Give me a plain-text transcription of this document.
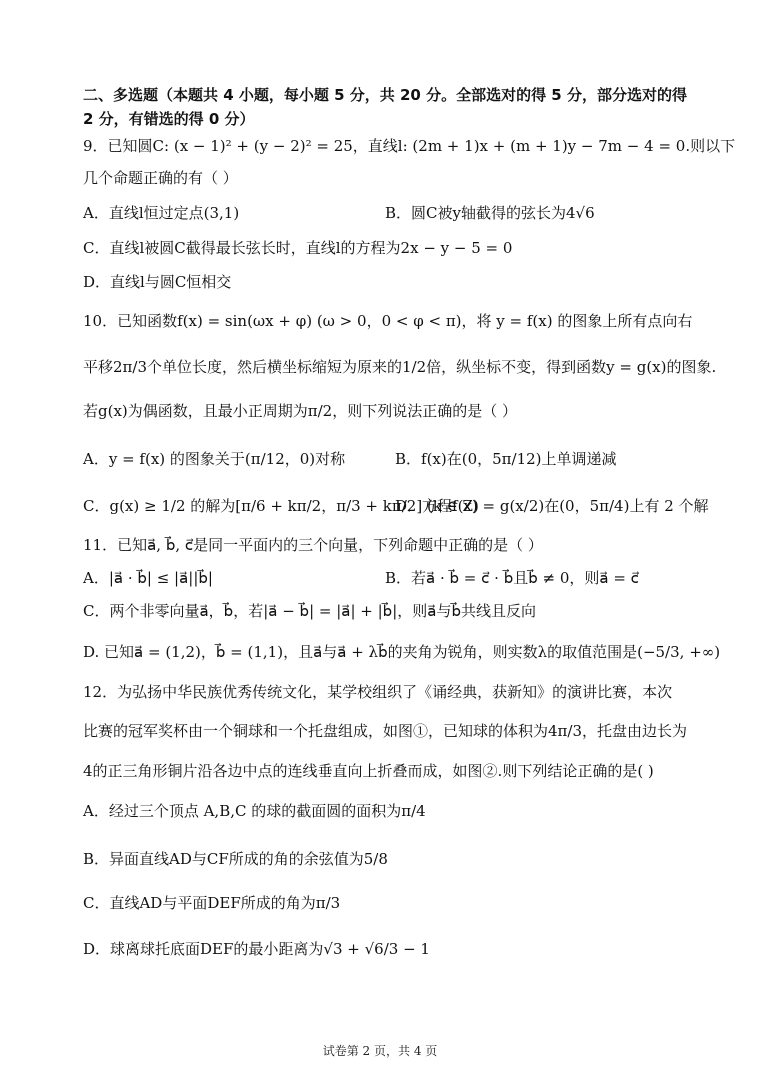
二、多选题（本题共 4 小题，每小题 5 分，共 20 分。全部选对的得 5 分，部分选对的得
2 分，有错选的得 0 分）
9．已知圆C: (x − 1)² + (y − 2)² = 25，直线l: (2m + 1)x + (m + 1)y − 7m − 4 = 0.则以下
几个命题正确的有（ ）
A．直线l恒过定点(3,1)	B．圆C被y轴截得的弦长为4√6
C．直线l被圆C截得最长弦长时，直线l的方程为2x − y − 5 = 0
D．直线l与圆C恒相交
10．已知函数f(x) = sin(ωx + φ) (ω > 0，0 < φ < π)，将 y = f(x) 的图象上所有点向右
平移2π/3个单位长度，然后横坐标缩短为原来的1/2倍，纵坐标不变，得到函数y = g(x)的图象.
若g(x)为偶函数，且最小正周期为π/2，则下列说法正确的是（ ）
A．y = f(x) 的图象关于(π/12，0)对称	B．f(x)在(0，5π/12)上单调递减
C．g(x) ≥ 1/2 的解为[π/6 + kπ/2，π/3 + kπ/2] (k ∈ Z)
D．方程f(x) = g(x/2)在(0，5π/4)上有 2 个解
11．已知a⃗, b⃗, c⃗是同一平面内的三个向量，下列命题中正确的是（ ）
A．|a⃗ · b⃗| ≤ |a⃗||b⃗|	B．若a⃗ · b⃗ = c⃗ · b⃗且b⃗ ≠ 0，则a⃗ = c⃗
C．两个非零向量a⃗，b⃗，若|a⃗ − b⃗| = |a⃗| + |b⃗|，则a⃗与b⃗共线且反向
D. 已知a⃗ = (1,2)，b⃗ = (1,1)，且a⃗与a⃗ + λb⃗的夹角为锐角，则实数λ的取值范围是(−5/3, +∞)
12．为弘扬中华民族优秀传统文化，某学校组织了《诵经典，获新知》的演讲比赛，本次
比赛的冠军奖杯由一个铜球和一个托盘组成，如图①，已知球的体积为4π/3，托盘由边长为
4的正三角形铜片沿各边中点的连线垂直向上折叠而成，如图②.则下列结论正确的是( )
A．经过三个顶点 A,B,C 的球的截面圆的面积为π/4
B．异面直线AD与CF所成的角的余弦值为5/8
C．直线AD与平面DEF所成的角为π/3
D．球离球托底面DEF的最小距离为√3 + √6/3 − 1
试卷第 2 页，共 4 页
